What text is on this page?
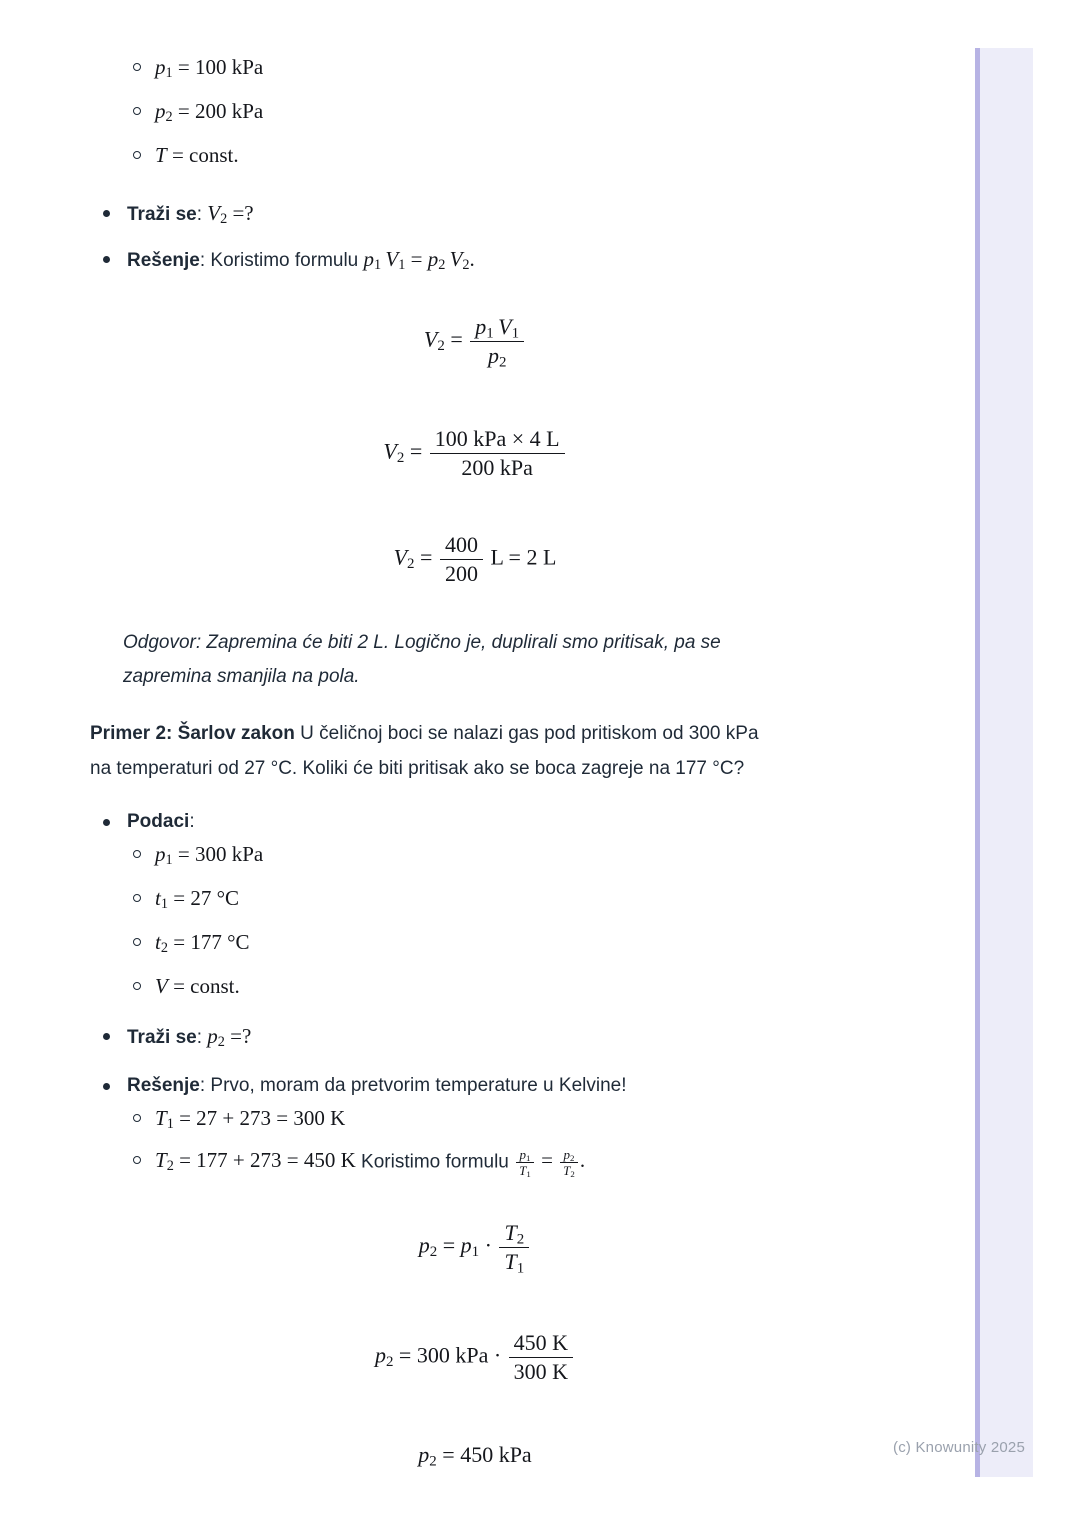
$p_1 = 100$ kPa
$p_2 = 200$ kPa
T = const.
Traži se: $V_2$ =?
Rešenje: Koristimo formulu $p_1$  $V_1 = p_2$  $V_2$.
$V_2 = \frac{p_1 V_1}{p_2}$
$V_2 = \frac{\text{100 kPa × 4 L}}{\text{200 kPa}}$
$V_2 = \frac{400}{200}$ L = 2 L
Odgovor: Zapremina će biti 2 L. Logično je, duplirali smo pritisak, pa se
zapremina smanjila na pola.
Primer 2: Šarlov zakon U čeličnoj boci se nalazi gas pod pritiskom od 300 kPa
na temperaturi od 27 °C. Koliki će biti pritisak ako se boca zagreje na 177 °C?
Podaci:
$p_1 = 300$ kPa
$t_1 = 27$ °C
$t_2 = 177$ °C
V = const.
Traži se: $p_2$ =?
Rešenje: Prvo, moram da pretvorim temperature u Kelvine!
$T_1 = 27 + 273 = 300$ K
$T_2 = 177 + 273 = 450$ K Koristimo formulu $\frac{p_1}{T_1} = \frac{p_2}{T_2}$ .
$p_2 = p_1 \cdot \frac{T_2}{T_1}$
$p_2 = 300$ kPa · $\frac{450 K}{300 K}$
$p_2 = 450$ kPa	(c) Knowunity 2025
